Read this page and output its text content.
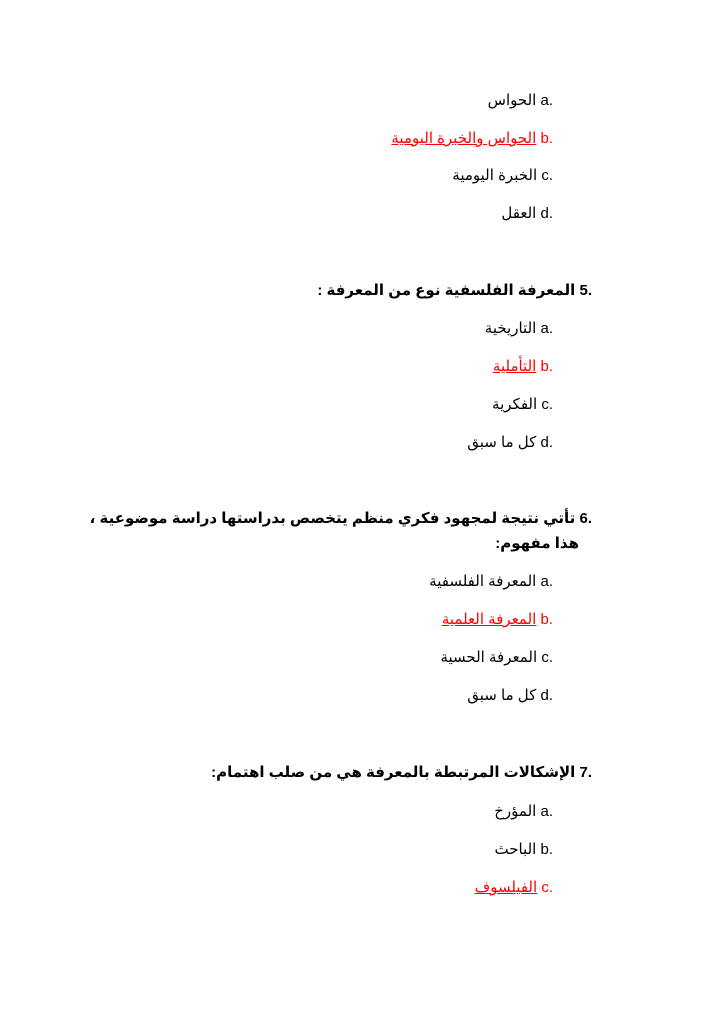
الحواس a.
الحواس والخبرة اليومية b.
الخبرة اليومية c.
العقل d.
المعرفة الفلسفية نوع من المعرفة : 5.
التاريخية a.
التأملية b.
الفكرية c.
كل ما سبق d.
تأتي نتيجة لمجهود فكري منظم يتخصص بدراستها دراسة موضوعية ، 6.
هذا مفهوم:
المعرفة الفلسفية a.
المعرفة العلمية b.
المعرفة الحسية c.
كل ما سبق d.
الإشكالات المرتبطة بالمعرفة هي من صلب اهتمام: 7.
المؤرخ a.
الباحث b.
الفيلسوف c.
